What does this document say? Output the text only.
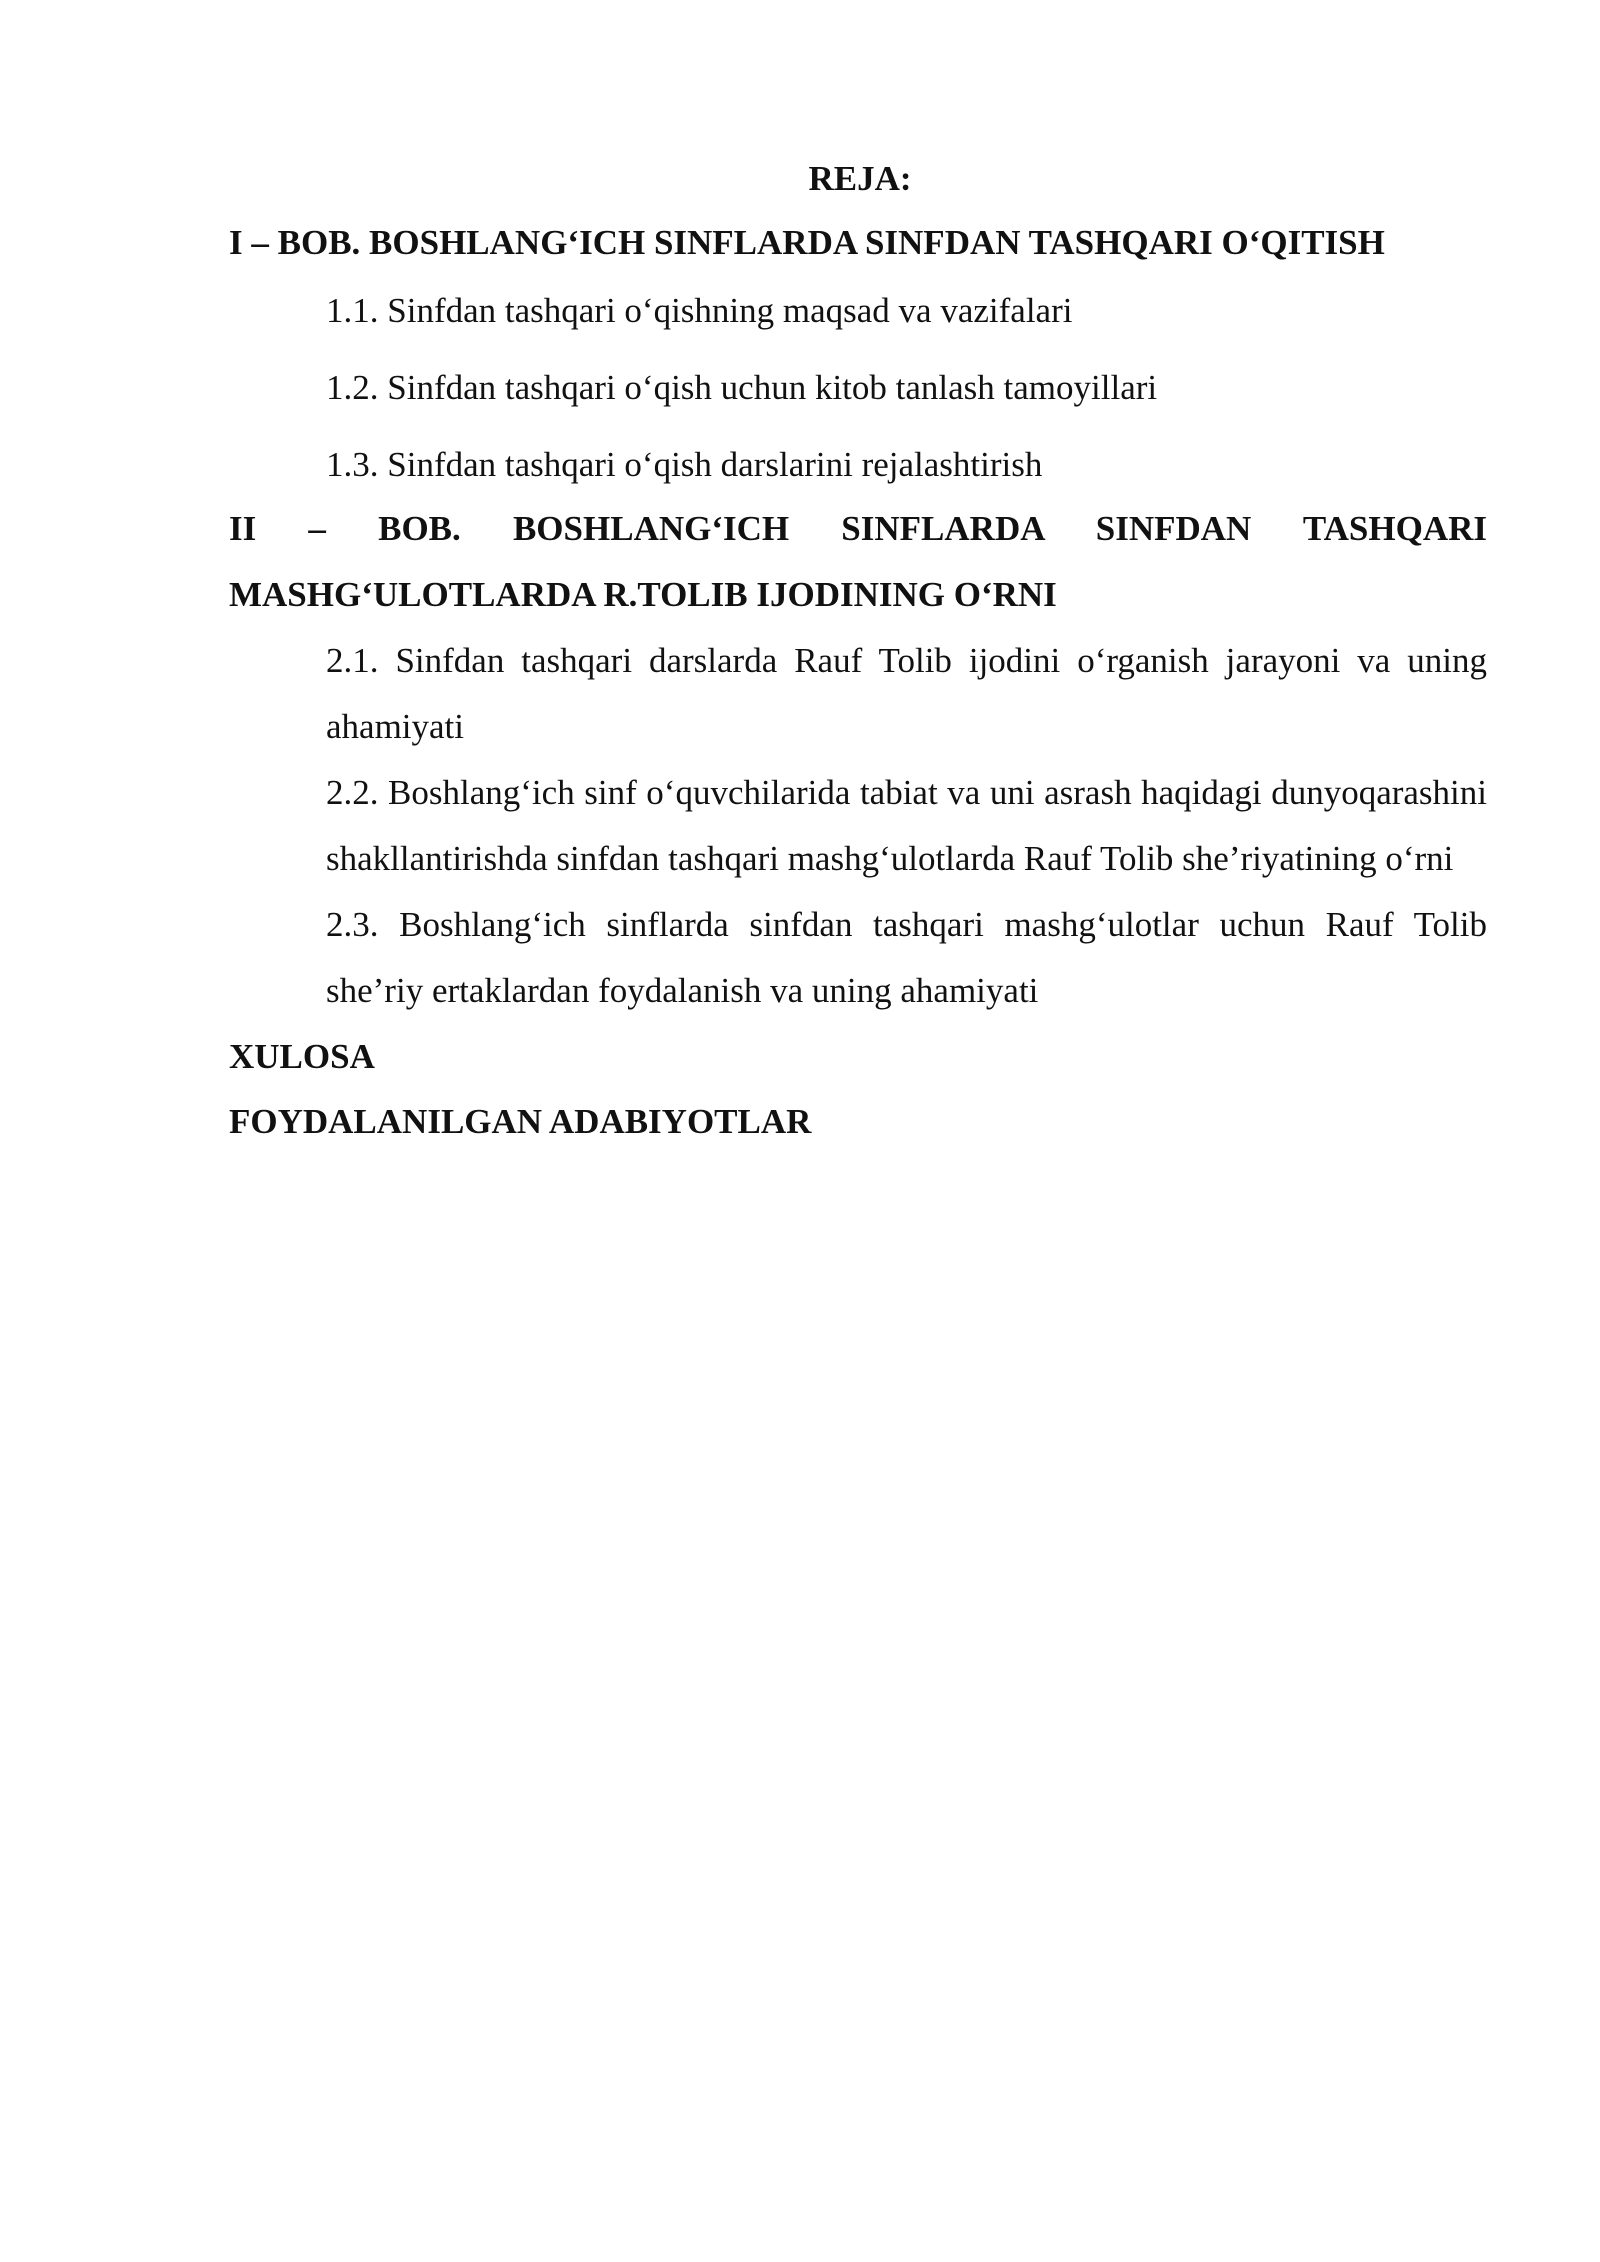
REJA:

I – BOB. BOSHLANG‘ICH SINFLARDA SINFDAN TASHQARI O‘QITISH

1.1. Sinfdan tashqari o‘qishning maqsad va vazifalari
1.2. Sinfdan tashqari o‘qish uchun kitob tanlash tamoyillari
1.3. Sinfdan tashqari o‘qish darslarini rejalashtirish

II – BOB. BOSHLANG‘ICH SINFLARDA SINFDAN TASHQARI MASHG‘ULOTLARDA R.TOLIB IJODINING O‘RNI

2.1. Sinfdan tashqari darslarda Rauf Tolib ijodini o‘rganish jarayoni va uning ahamiyati
2.2. Boshlang‘ich sinf o‘quvchilarida tabiat va uni asrash haqidagi dunyoqarashini shakllantirishda sinfdan tashqari mashg‘ulotlarda Rauf Tolib she’riyatining o‘rni
2.3. Boshlang‘ich sinflarda sinfdan tashqari mashg‘ulotlar uchun Rauf Tolib she’riy ertaklardan foydalanish va uning ahamiyati

XULOSA

FOYDALANILGAN ADABIYOTLAR
